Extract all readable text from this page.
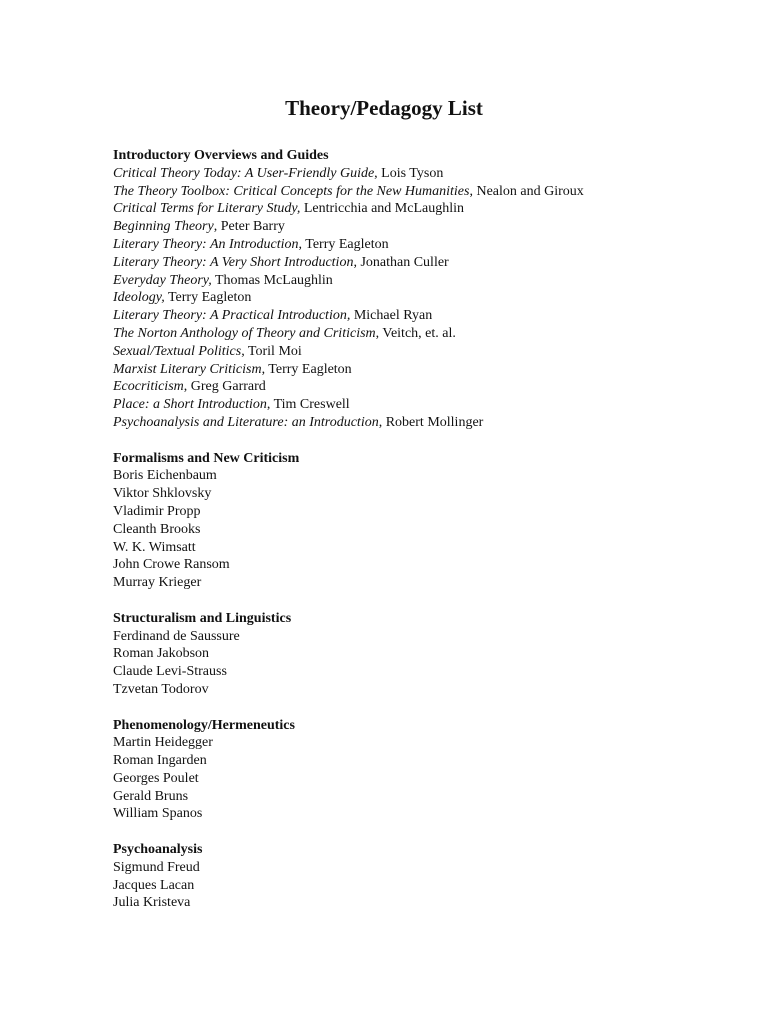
Theory/Pedagogy List
Introductory Overviews and Guides
Critical Theory Today: A User-Friendly Guide, Lois Tyson
The Theory Toolbox: Critical Concepts for the New Humanities, Nealon and Giroux
Critical Terms for Literary Study, Lentricchia and McLaughlin
Beginning Theory, Peter Barry
Literary Theory: An Introduction, Terry Eagleton
Literary Theory: A Very Short Introduction, Jonathan Culler
Everyday Theory, Thomas McLaughlin
Ideology, Terry Eagleton
Literary Theory: A Practical Introduction, Michael Ryan
The Norton Anthology of Theory and Criticism, Veitch, et. al.
Sexual/Textual Politics, Toril Moi
Marxist Literary Criticism, Terry Eagleton
Ecocriticism, Greg Garrard
Place: a Short Introduction, Tim Creswell
Psychoanalysis and Literature: an Introduction, Robert Mollinger
Formalisms and New Criticism
Boris Eichenbaum
Viktor Shklovsky
Vladimir Propp
Cleanth Brooks
W. K. Wimsatt
John Crowe Ransom
Murray Krieger
Structuralism and Linguistics
Ferdinand de Saussure
Roman Jakobson
Claude Levi-Strauss
Tzvetan Todorov
Phenomenology/Hermeneutics
Martin Heidegger
Roman Ingarden
Georges Poulet
Gerald Bruns
William Spanos
Psychoanalysis
Sigmund Freud
Jacques Lacan
Julia Kristeva
